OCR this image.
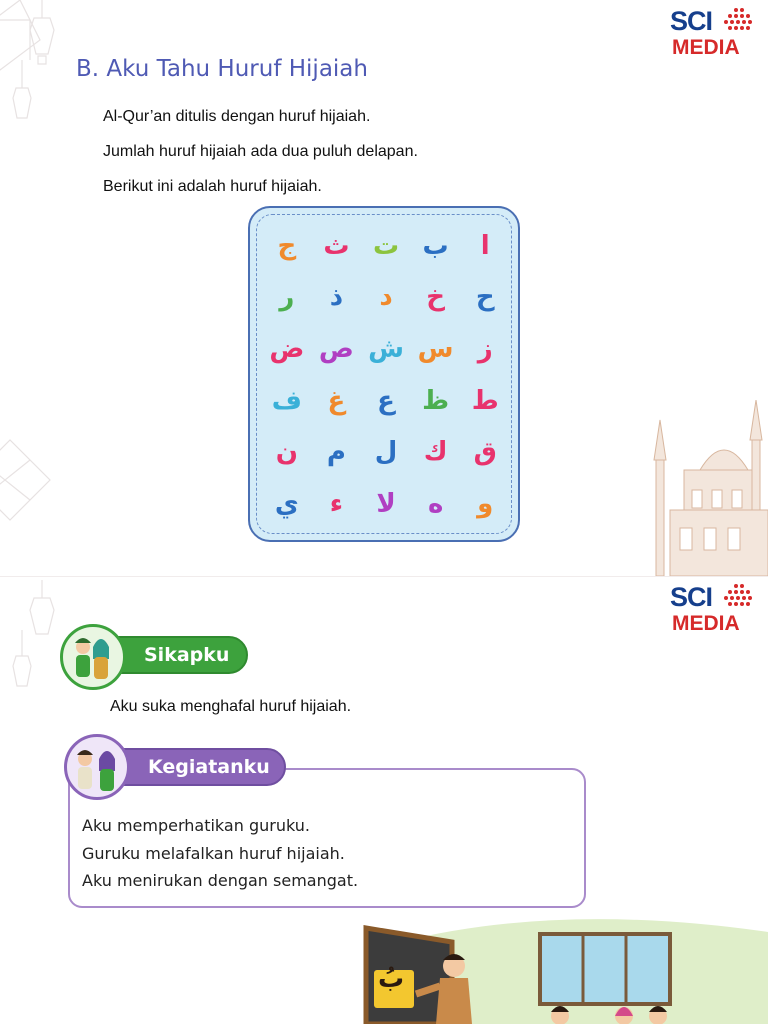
SCI
MEDIA
SCI
MEDIA
B. Aku Tahu Huruf Hijaiah
Al-Qur’an ditulis dengan huruf hijaiah.
Jumlah huruf hijaiah ada dua puluh delapan.
Berikut ini adalah huruf hijaiah.
ا
ب
ت
ث
ج
ح
خ
د
ذ
ر
ز
س
ش
ص
ض
ط
ظ
ع
غ
ف
ق
ك
ل
م
ن
و
ه
لا
ء
ي
Sikapku
Aku suka menghafal huruf hijaiah.
Aku memperhatikan guruku.
Guruku melafalkan huruf hijaiah.
Aku menirukan dengan semangat.
Kegiatanku
بُ
